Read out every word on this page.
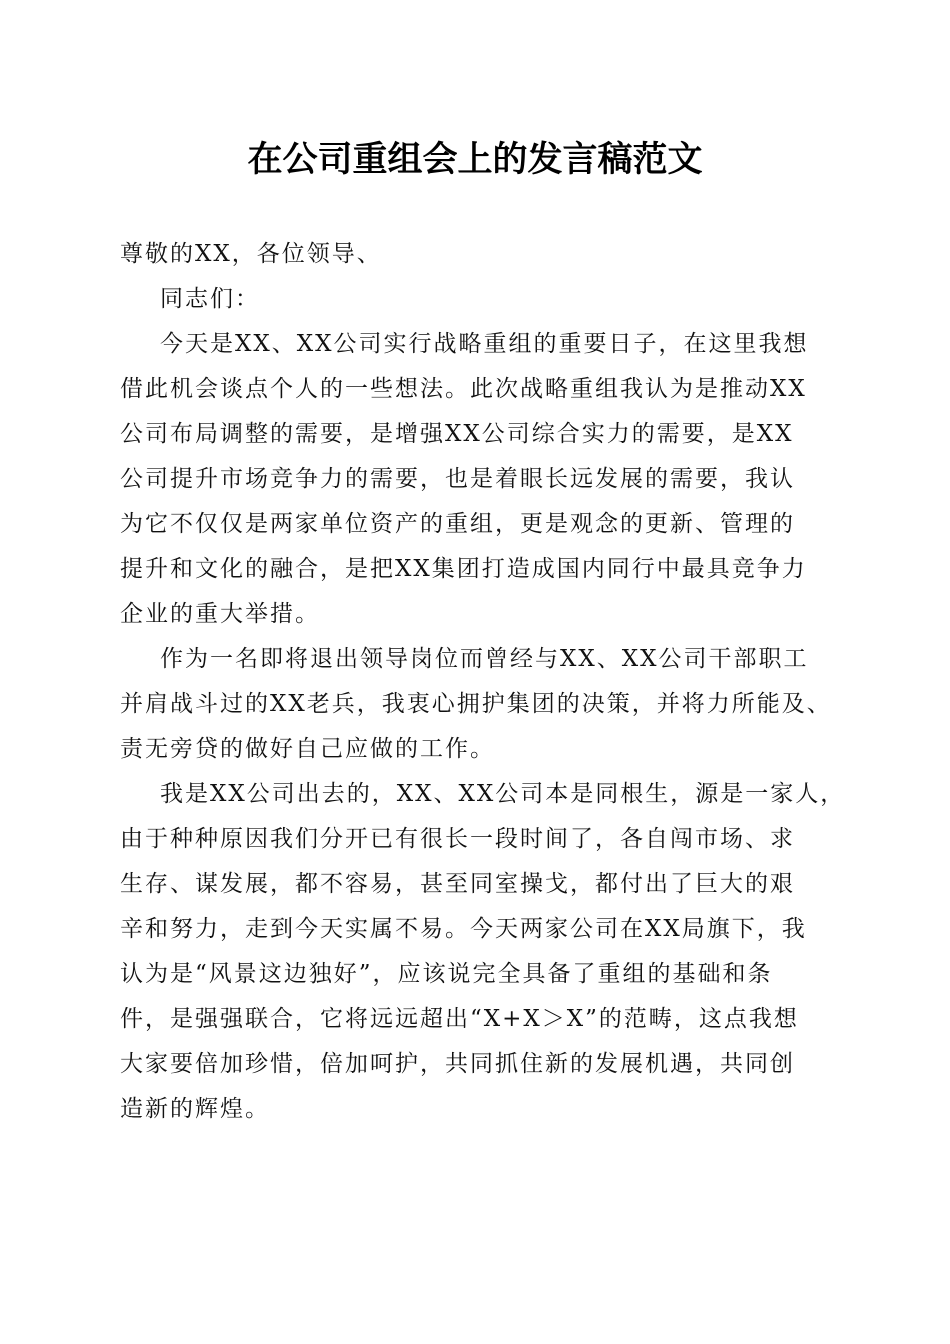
在公司重组会上的发言稿范文
尊敬的XX，各位领导、
同志们：
今天是XX、XX公司实行战略重组的重要日子，在这里我想
借此机会谈点个人的一些想法。此次战略重组我认为是推动XX
公司布局调整的需要，是增强XX公司综合实力的需要，是XX
公司提升市场竞争力的需要，也是着眼长远发展的需要，我认
为它不仅仅是两家单位资产的重组，更是观念的更新、管理的
提升和文化的融合，是把XX集团打造成国内同行中最具竞争力
企业的重大举措。
作为一名即将退出领导岗位而曾经与XX、XX公司干部职工
并肩战斗过的XX老兵，我衷心拥护集团的决策，并将力所能及、
责无旁贷的做好自己应做的工作。
我是XX公司出去的，XX、XX公司本是同根生，源是一家人，
由于种种原因我们分开已有很长一段时间了，各自闯市场、求
生存、谋发展，都不容易，甚至同室操戈，都付出了巨大的艰
辛和努力，走到今天实属不易。今天两家公司在XX局旗下，我
认为是“风景这边独好”，应该说完全具备了重组的基础和条
件，是强强联合，它将远远超出“X+X＞X”的范畴，这点我想
大家要倍加珍惜，倍加呵护，共同抓住新的发展机遇，共同创
造新的辉煌。
